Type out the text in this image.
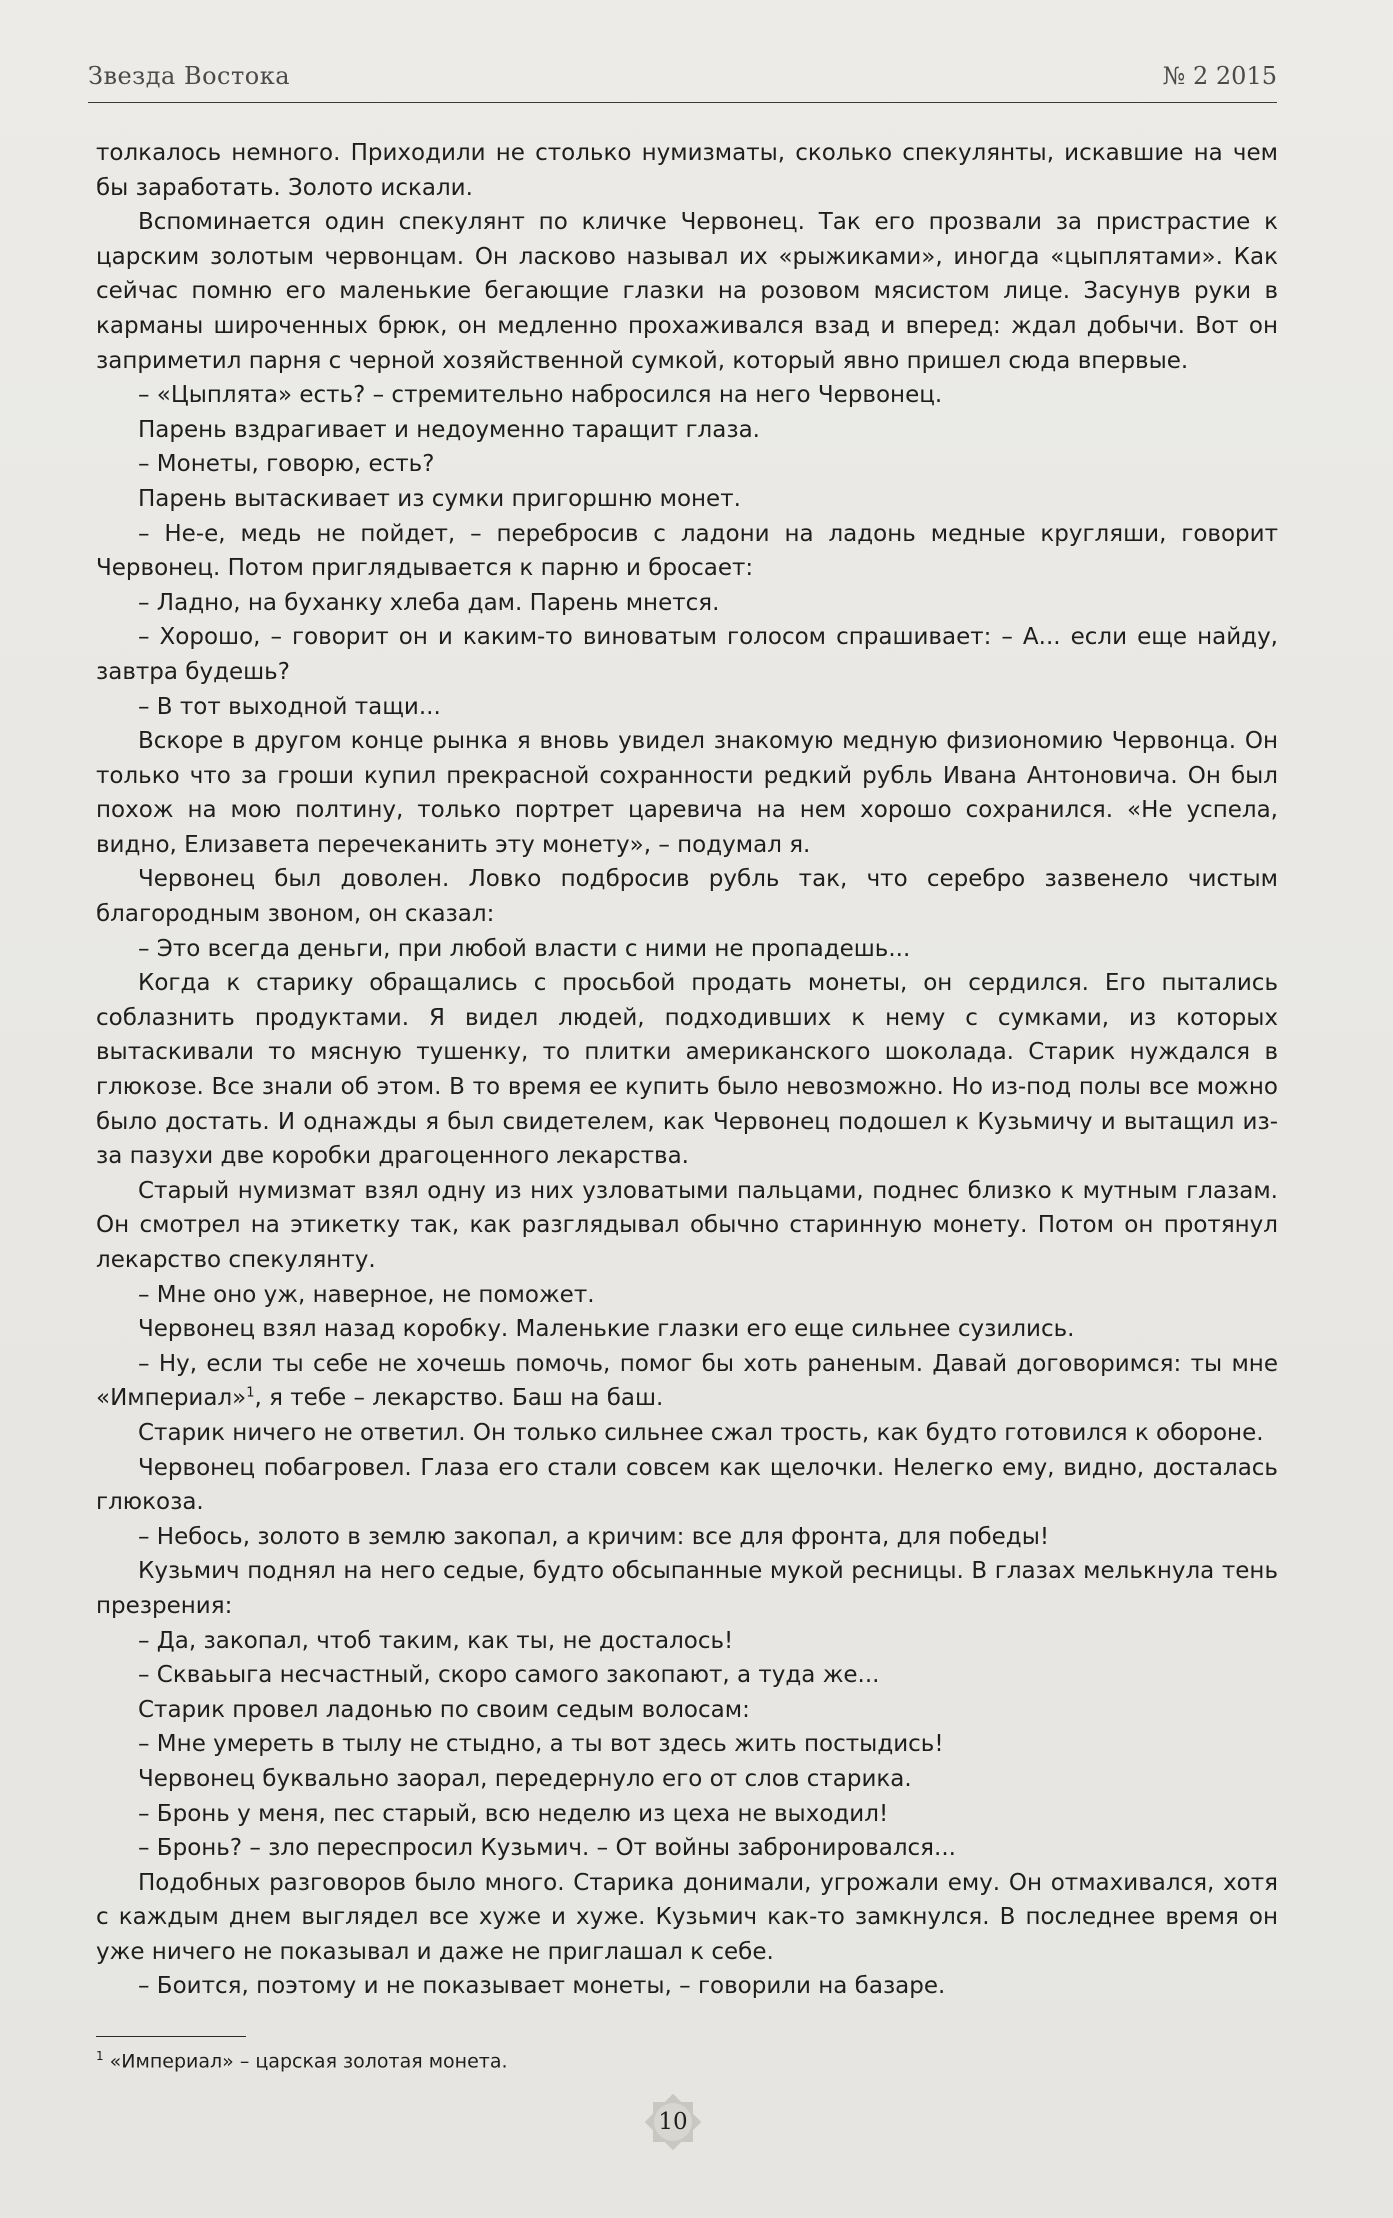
Звезда Востока	№ 2 2015

толкалось немного. Приходили не столько нумизматы, сколько спекулянты, искавшие на чем бы заработать. Золото искали.

Вспоминается один спекулянт по кличке Червонец. Так его прозвали за пристрастие к царским золотым червонцам. Он ласково называл их «рыжиками», иногда «цыплятами». Как сейчас помню его маленькие бегающие глазки на розовом мясистом лице. Засунув руки в карманы широченных брюк, он медленно прохаживался взад и вперед: ждал добычи. Вот он заприметил парня с черной хозяйственной сумкой, который явно пришел сюда впервые.

– «Цыплята» есть? – стремительно набросился на него Червонец.

Парень вздрагивает и недоуменно таращит глаза.

– Монеты, говорю, есть?

Парень вытаскивает из сумки пригоршню монет.

– Не-е, медь не пойдет, – перебросив с ладони на ладонь медные кругляши, говорит Червонец. Потом приглядывается к парню и бросает:

– Ладно, на буханку хлеба дам. Парень мнется.

– Хорошо, – говорит он и каким-то виноватым голосом спрашивает: – А... если еще найду, завтра будешь?

– В тот выходной тащи...

Вскоре в другом конце рынка я вновь увидел знакомую медную физиономию Червонца. Он только что за гроши купил прекрасной сохранности редкий рубль Ивана Антоновича. Он был похож на мою полтину, только портрет царевича на нем хорошо сохранился. «Не успела, видно, Елизавета перечеканить эту монету», – подумал я.

Червонец был доволен. Ловко подбросив рубль так, что серебро зазвенело чистым благородным звоном, он сказал:

– Это всегда деньги, при любой власти с ними не пропадешь...

Когда к старику обращались с просьбой продать монеты, он сердился. Его пытались соблазнить продуктами. Я видел людей, подходивших к нему с сумками, из которых вытаскивали то мясную тушенку, то плитки американского шоколада. Старик нуждался в глюкозе. Все знали об этом. В то время ее купить было невозможно. Но из-под полы все можно было достать. И однажды я был свидетелем, как Червонец подошел к Кузьмичу и вытащил из-за пазухи две коробки драгоценного лекарства.

Старый нумизмат взял одну из них узловатыми пальцами, поднес близко к мутным глазам. Он смотрел на этикетку так, как разглядывал обычно старинную монету. Потом он протянул лекарство спекулянту.

– Мне оно уж, наверное, не поможет.

Червонец взял назад коробку. Маленькие глазки его еще сильнее сузились.

– Ну, если ты себе не хочешь помочь, помог бы хоть раненым. Давай договоримся: ты мне «Империал»$^1$, я тебе – лекарство. Баш на баш.

Старик ничего не ответил. Он только сильнее сжал трость, как будто готовился к обороне.

Червонец побагровел. Глаза его стали совсем как щелочки. Нелегко ему, видно, досталась глюкоза.

– Небось, золото в землю закопал, а кричим: все для фронта, для победы!

Кузьмич поднял на него седые, будто обсыпанные мукой ресницы. В глазах мелькнула тень презрения:

– Да, закопал, чтоб таким, как ты, не досталось!

– Скваьыга несчастный, скоро самого закопают, а туда же...

Старик провел ладонью по своим седым волосам:

– Мне умереть в тылу не стыдно, а ты вот здесь жить постыдись!

Червонец буквально заорал, передернуло его от слов старика.

– Бронь у меня, пес старый, всю неделю из цеха не выходил!

– Бронь? – зло переспросил Кузьмич. – От войны забронировался...

Подобных разговоров было много. Старика донимали, угрожали ему. Он отмахивался, хотя с каждым днем выглядел все хуже и хуже. Кузьмич как-то замкнулся. В последнее время он уже ничего не показывал и даже не приглашал к себе.

– Боится, поэтому и не показывает монеты, – говорили на базаре.

$^1$ «Империал» – царская золотая монета.
10
